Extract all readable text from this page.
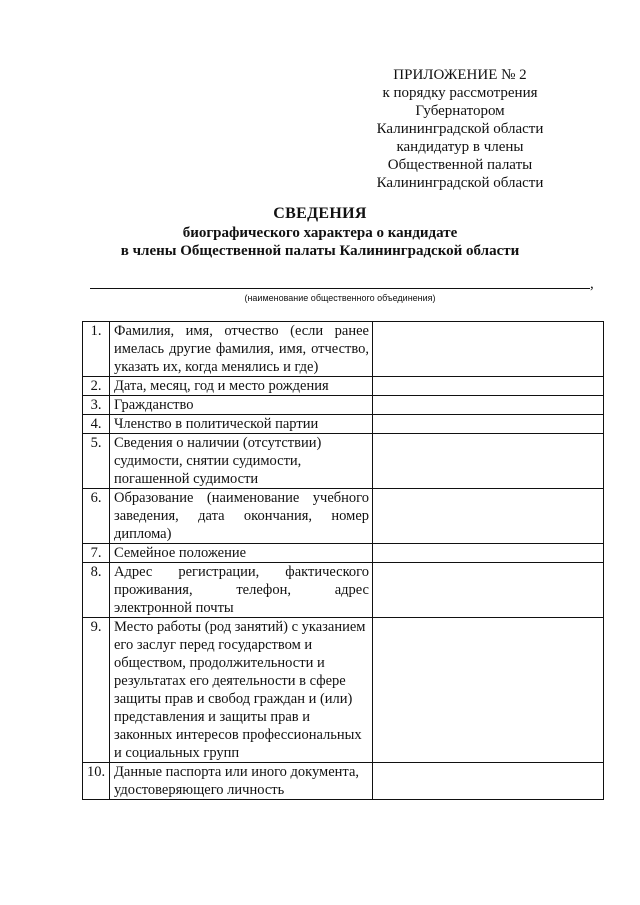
ПРИЛОЖЕНИЕ № 2
к порядку рассмотрения
Губернатором
Калининградской области
кандидатур в члены
Общественной палаты
Калининградской области
СВЕДЕНИЯ
биографического характера о кандидате
в члены Общественной палаты Калининградской области
,
(наименование общественного объединения)
1.	Фамилия, имя, отчество (если ранее имелась другие фамилия, имя, отчество, указать их, когда менялись и где)	
2.	Дата, месяц, год и место рождения	
3.	Гражданство	
4.	Членство в политической партии	
5.	Сведения о наличии (отсутствии) судимости, снятии судимости, погашенной судимости	
6.	Образование (наименование учебного заведения, дата окончания, номер диплома)	
7.	Семейное положение	
8.	Адрес регистрации, фактического проживания, телефон, адрес электронной почты	
9.	Место работы (род занятий) с указанием его заслуг перед государством и обществом, продолжительности и результатах его деятельности в сфере защиты прав и свобод граждан и (или) представления и защиты прав и законных интересов профессиональных и социальных групп	
10.	Данные паспорта или иного документа, удостоверяющего личность	
